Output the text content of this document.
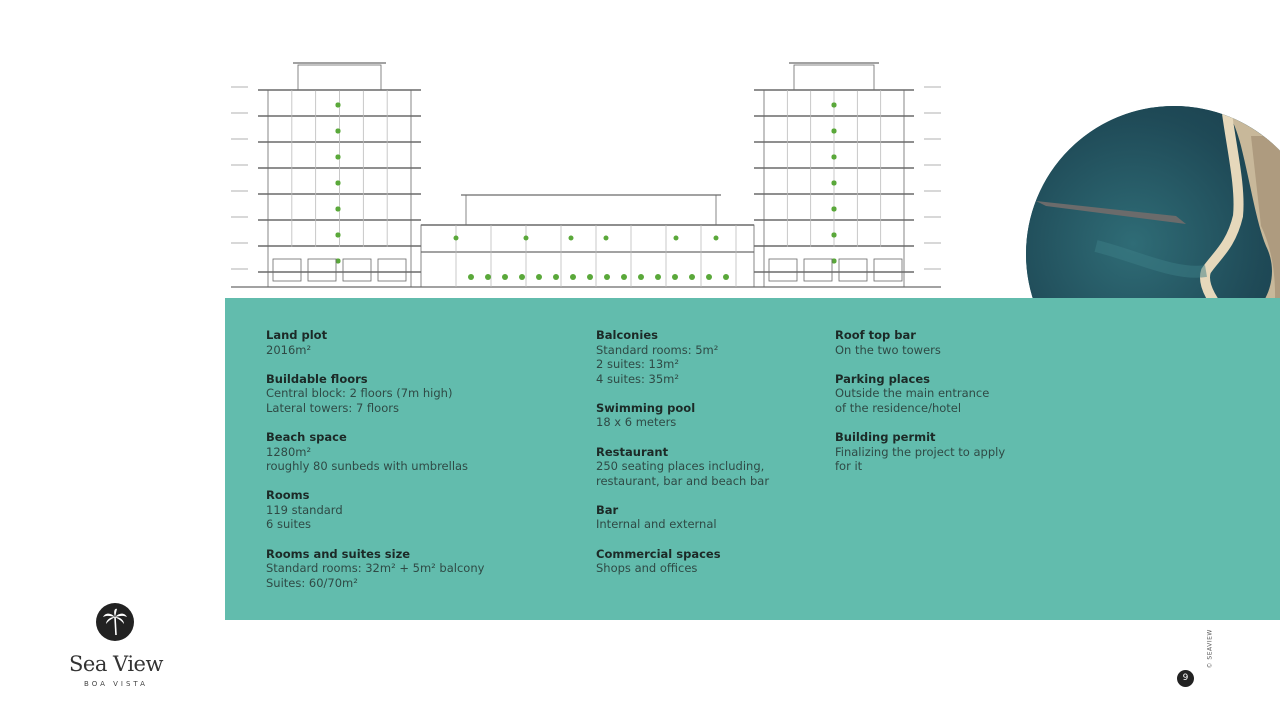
Land plot
2016m²
Buildable floors
Central block: 2 floors (7m high)
Lateral towers: 7 floors
Beach space
1280m²
roughly 80 sunbeds with umbrellas
Rooms
119 standard
6 suites
Rooms and suites size
Standard rooms: 32m² + 5m² balcony
Suites: 60/70m²
Balconies
Standard rooms: 5m²
2 suites: 13m²
4 suites: 35m²
Swimming pool
18 x 6 meters
Restaurant
250 seating places including,
restaurant, bar and beach bar
Bar
Internal and external
Commercial spaces
Shops and offices
Roof top bar
On the two towers
Parking places
Outside the main entrance
of the residence/hotel
Building permit
Finalizing the project to apply
for it
Sea View
BOA VISTA
© SEAVIEW
9
